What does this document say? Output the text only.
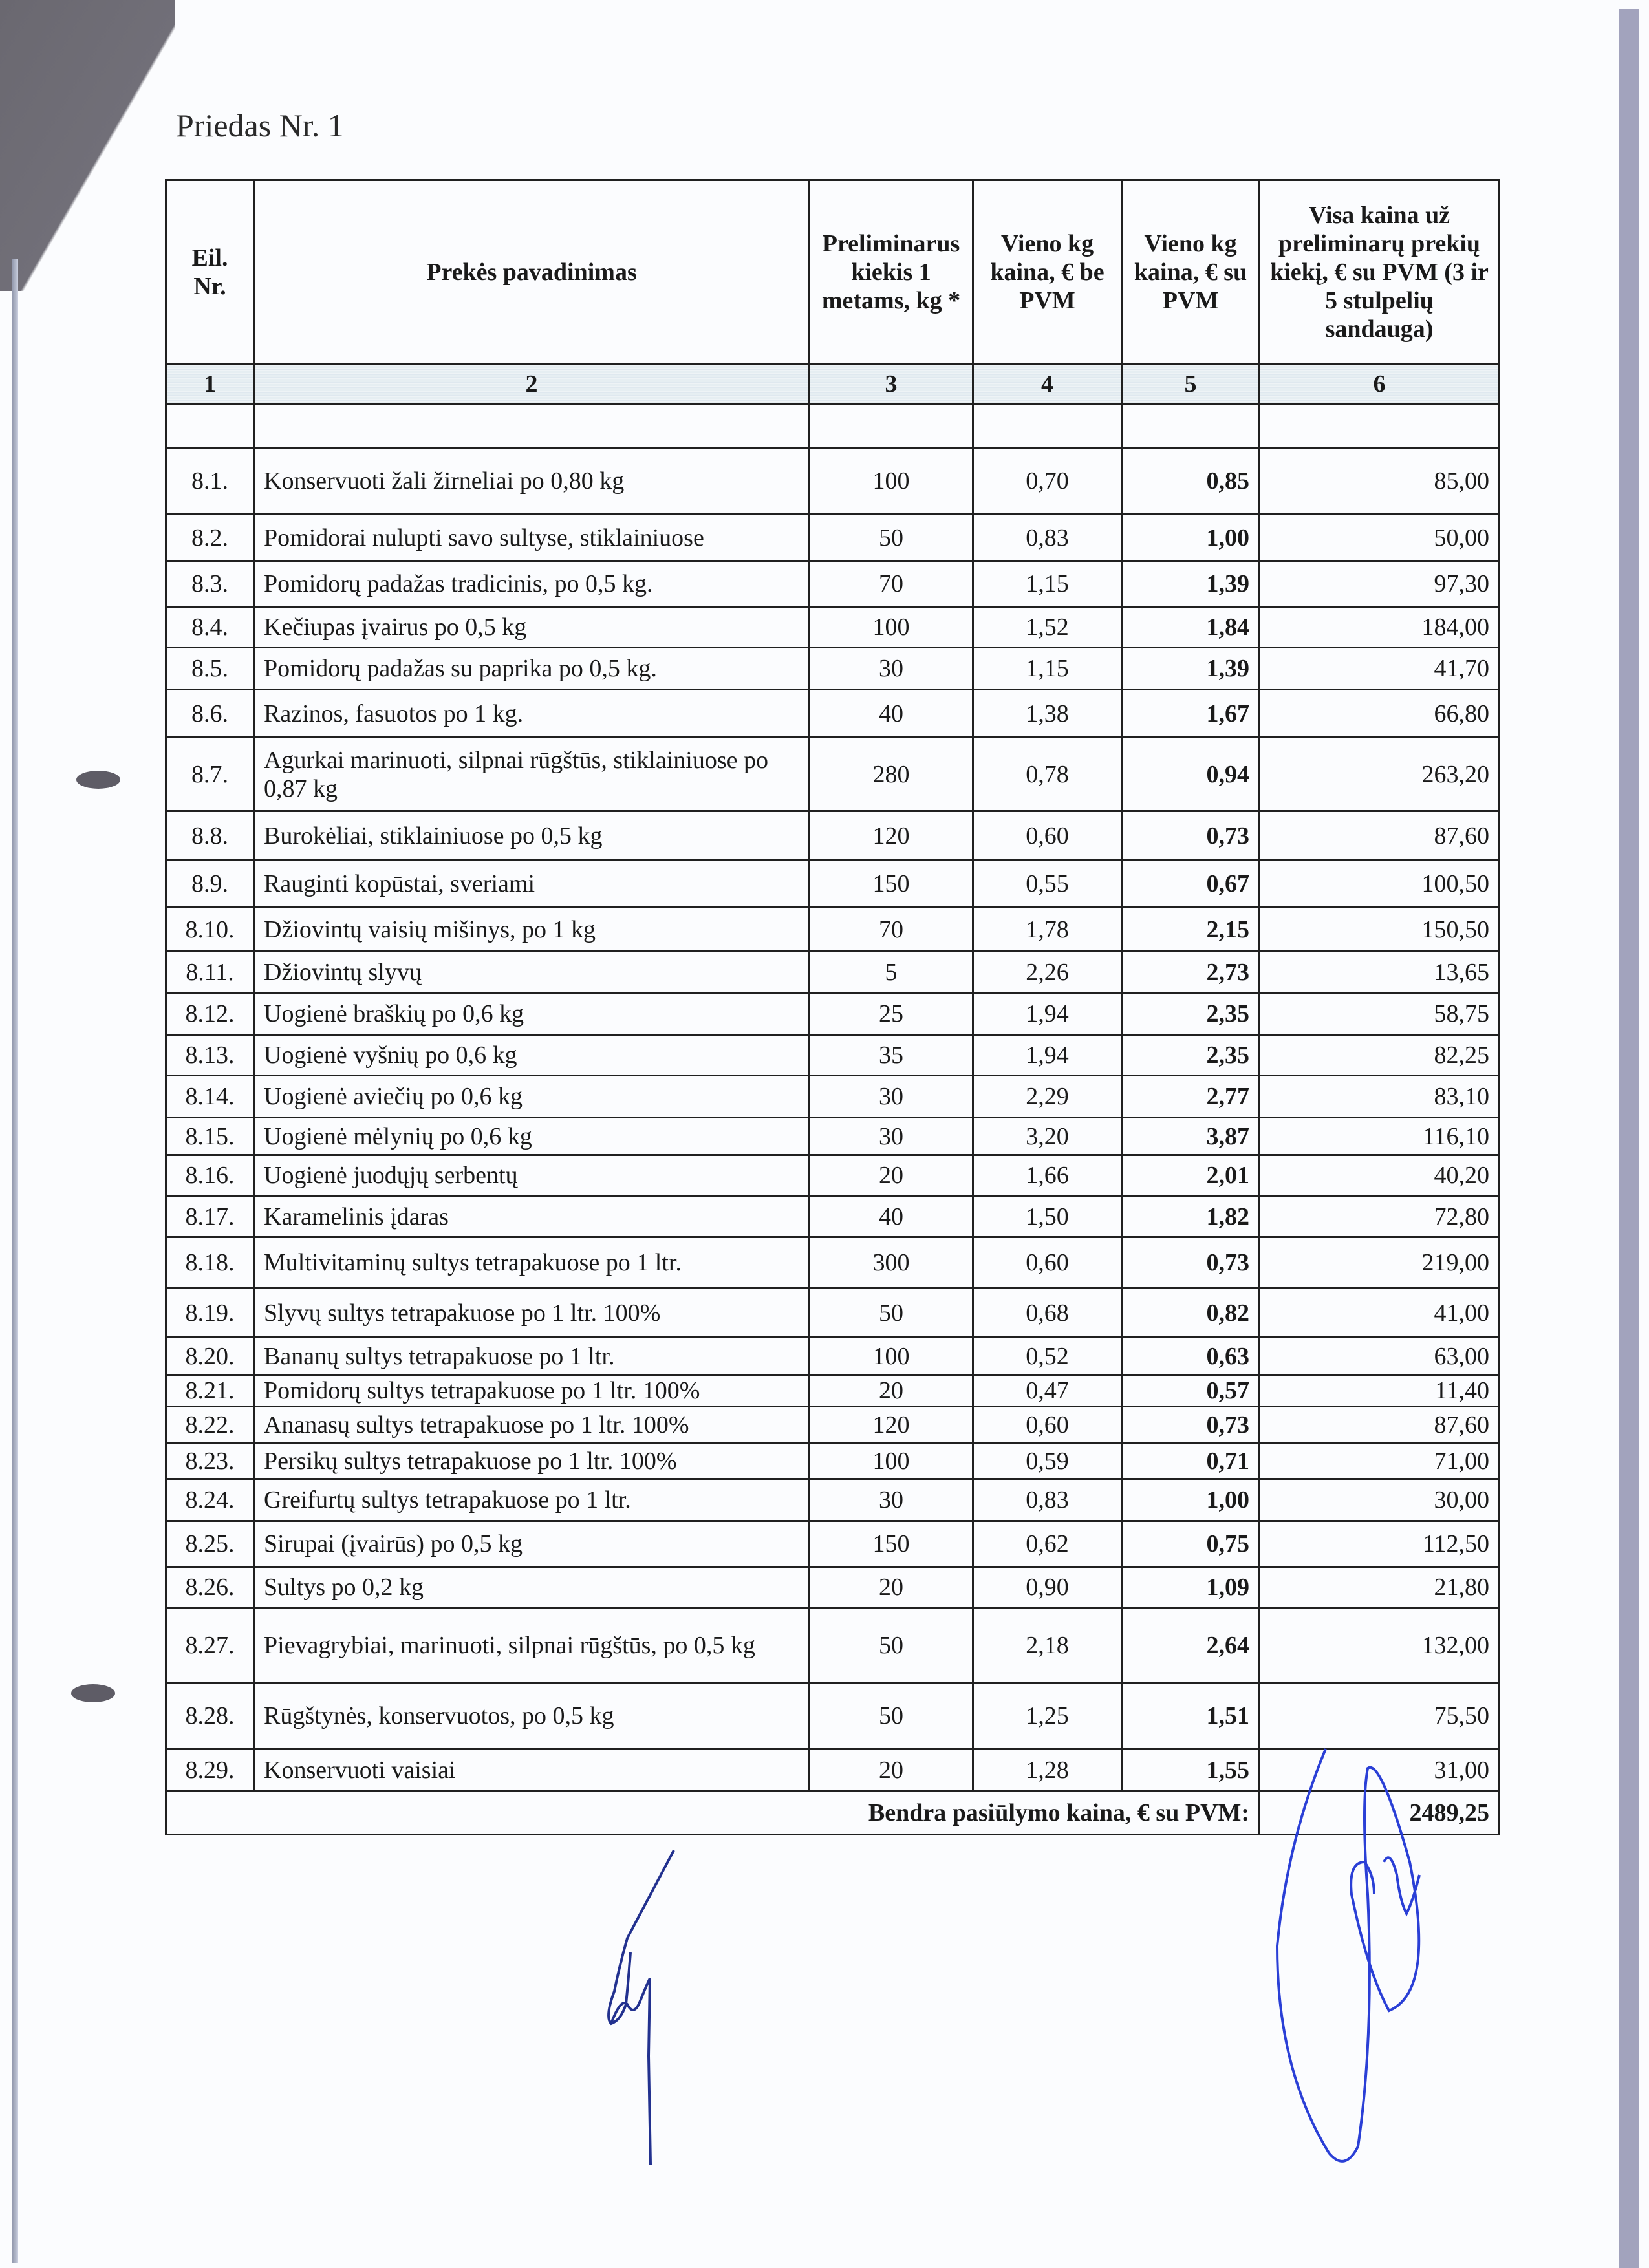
Priedas Nr. 1
Eil. Nr.	Prekės pavadinimas	Preliminarus kiekis 1 metams, kg *	Vieno kg kaina, € be PVM	Vieno kg kaina, € su PVM	Visa kaina už preliminarų prekių kiekį, € su PVM (3 ir 5 stulpelių sandauga)
1	2	3	4	5	6

8.1.	Konservuoti žali žirneliai po 0,80 kg	100	0,70	0,85	85,00
8.2.	Pomidorai nulupti savo sultyse, stiklainiuose	50	0,83	1,00	50,00
8.3.	Pomidorų padažas tradicinis, po 0,5 kg.	70	1,15	1,39	97,30
8.4.	Kečiupas įvairus po 0,5 kg	100	1,52	1,84	184,00
8.5.	Pomidorų padažas su paprika po 0,5 kg.	30	1,15	1,39	41,70
8.6.	Razinos, fasuotos po 1 kg.	40	1,38	1,67	66,80
8.7.	Agurkai marinuoti, silpnai rūgštūs, stiklainiuose po 0,87 kg	280	0,78	0,94	263,20
8.8.	Burokėliai, stiklainiuose po 0,5 kg	120	0,60	0,73	87,60
8.9.	Rauginti kopūstai, sveriami	150	0,55	0,67	100,50
8.10.	Džiovintų vaisių mišinys, po 1 kg	70	1,78	2,15	150,50
8.11.	Džiovintų slyvų	5	2,26	2,73	13,65
8.12.	Uogienė braškių po 0,6 kg	25	1,94	2,35	58,75
8.13.	Uogienė vyšnių po 0,6 kg	35	1,94	2,35	82,25
8.14.	Uogienė aviečių po 0,6 kg	30	2,29	2,77	83,10
8.15.	Uogienė mėlynių po 0,6 kg	30	3,20	3,87	116,10
8.16.	Uogienė juodųjų serbentų	20	1,66	2,01	40,20
8.17.	Karamelinis įdaras	40	1,50	1,82	72,80
8.18.	Multivitaminų sultys tetrapakuose po 1 ltr.	300	0,60	0,73	219,00
8.19.	Slyvų sultys tetrapakuose po 1 ltr. 100%	50	0,68	0,82	41,00
8.20.	Bananų sultys tetrapakuose po 1 ltr.	100	0,52	0,63	63,00
8.21.	Pomidorų sultys tetrapakuose po 1 ltr. 100%	20	0,47	0,57	11,40
8.22.	Ananasų sultys tetrapakuose po 1 ltr. 100%	120	0,60	0,73	87,60
8.23.	Persikų sultys tetrapakuose po 1 ltr. 100%	100	0,59	0,71	71,00
8.24.	Greifurtų sultys tetrapakuose po 1 ltr.	30	0,83	1,00	30,00
8.25.	Sirupai (įvairūs) po 0,5 kg	150	0,62	0,75	112,50
8.26.	Sultys po 0,2 kg	20	0,90	1,09	21,80
8.27.	Pievagrybiai, marinuoti, silpnai rūgštūs, po 0,5 kg	50	2,18	2,64	132,00
8.28.	Rūgštynės, konservuotos, po 0,5 kg	50	1,25	1,51	75,50
8.29.	Konservuoti vaisiai	20	1,28	1,55	31,00
Bendra pasiūlymo kaina, € su PVM:					2489,25
